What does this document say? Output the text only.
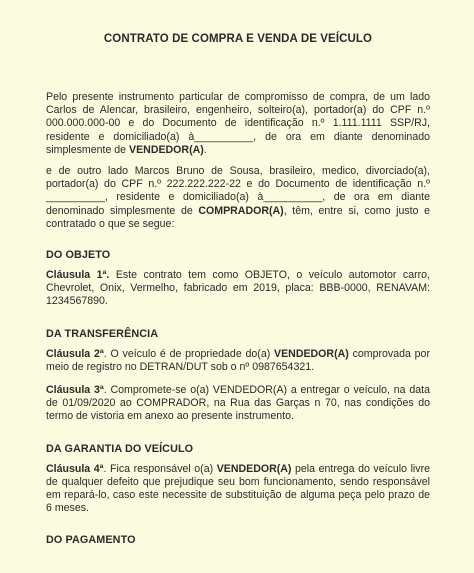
CONTRATO DE COMPRA E VENDA DE VEÍCULO

Pelo presente instrumento particular de compromisso de compra, de um lado Carlos de Alencar, brasileiro, engenheiro, solteiro(a), portador(a) do CPF n.º 000.000.000-00 e do Documento de identificação n.º 1.111.1111 SSP/RJ, residente e domiciliado(a) à__________, de ora em diante denominado simplesmente de VENDEDOR(A).

e de outro lado Marcos Bruno de Sousa, brasileiro, medico, divorciado(a), portador(a) do CPF n.º 222.222.222-22 e do Documento de identificação n.º __________, residente e domiciliado(a) à__________, de ora em diante denominado simplesmente de COMPRADOR(A), têm, entre si, como justo e contratado o que se segue:

DO OBJETO

Cláusula 1ª. Este contrato tem como OBJETO, o veículo automotor carro, Chevrolet, Onix, Vermelho, fabricado em 2019, placa: BBB-0000, RENAVAM: 1234567890.

DA TRANSFERÊNCIA

Cláusula 2ª. O veículo é de propriedade do(a) VENDEDOR(A) comprovada por meio de registro no DETRAN/DUT sob o nº 0987654321.

Cláusula 3ª. Compromete-se o(a) VENDEDOR(A) a entregar o veículo, na data de 01/09/2020 ao COMPRADOR, na Rua das Garças n 70, nas condições do termo de vistoria em anexo ao presente instrumento.

DA GARANTIA DO VEÍCULO

Cláusula 4ª. Fica responsável o(a) VENDEDOR(A) pela entrega do veículo livre de qualquer defeito que prejudique seu bom funcionamento, sendo responsável em repará-lo, caso este necessite de substituição de alguma peça pelo prazo de 6 meses.

DO PAGAMENTO
